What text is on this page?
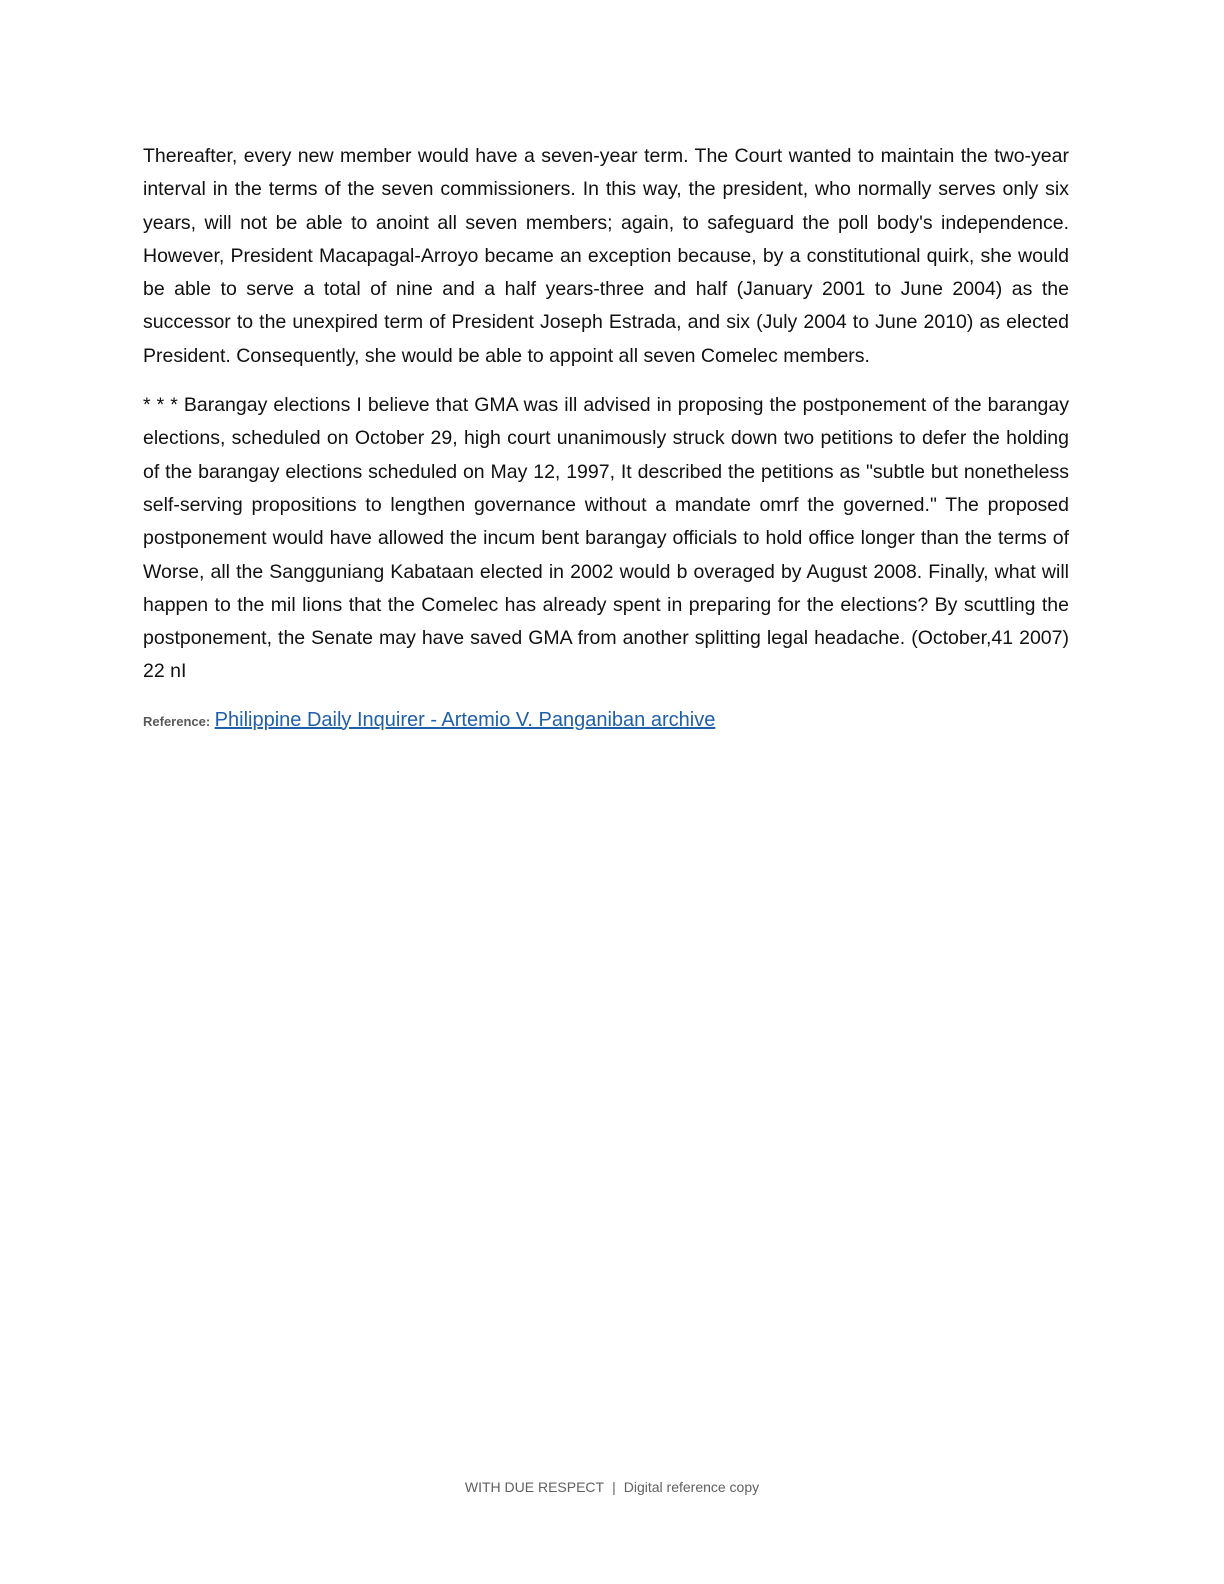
Thereafter, every new member would have a seven-year term. The Court wanted to maintain the two-year interval in the terms of the seven commissioners. In this way, the president, who normally serves only six years, will not be able to anoint all seven members; again, to safeguard the poll body's independence. However, President Macapagal-Arroyo became an exception because, by a constitutional quirk, she would be able to serve a total of nine and a half years-three and half (January 2001 to June 2004) as the successor to the unexpired term of President Joseph Estrada, and six (July 2004 to June 2010) as elected President. Consequently, she would be able to appoint all seven Comelec members.

* * * Barangay elections I believe that GMA was ill advised in proposing the postponement of the barangay elections, scheduled on October 29, high court unanimously struck down two petitions to defer the holding of the barangay elections scheduled on May 12, 1997, It described the petitions as "subtle but nonetheless self-serving propositions to lengthen governance without a mandate omrf the governed." The proposed postponement would have allowed the incum bent barangay officials to hold office longer than the terms of Worse, all the Sangguniang Kabataan elected in 2002 would b overaged by August 2008. Finally, what will happen to the mil lions that the Comelec has already spent in preparing for the elections? By scuttling the postponement, the Senate may have saved GMA from another splitting legal headache. (October,41 2007) 22 nI

Reference: Philippine Daily Inquirer - Artemio V. Panganiban archive
WITH DUE RESPECT | Digital reference copy
